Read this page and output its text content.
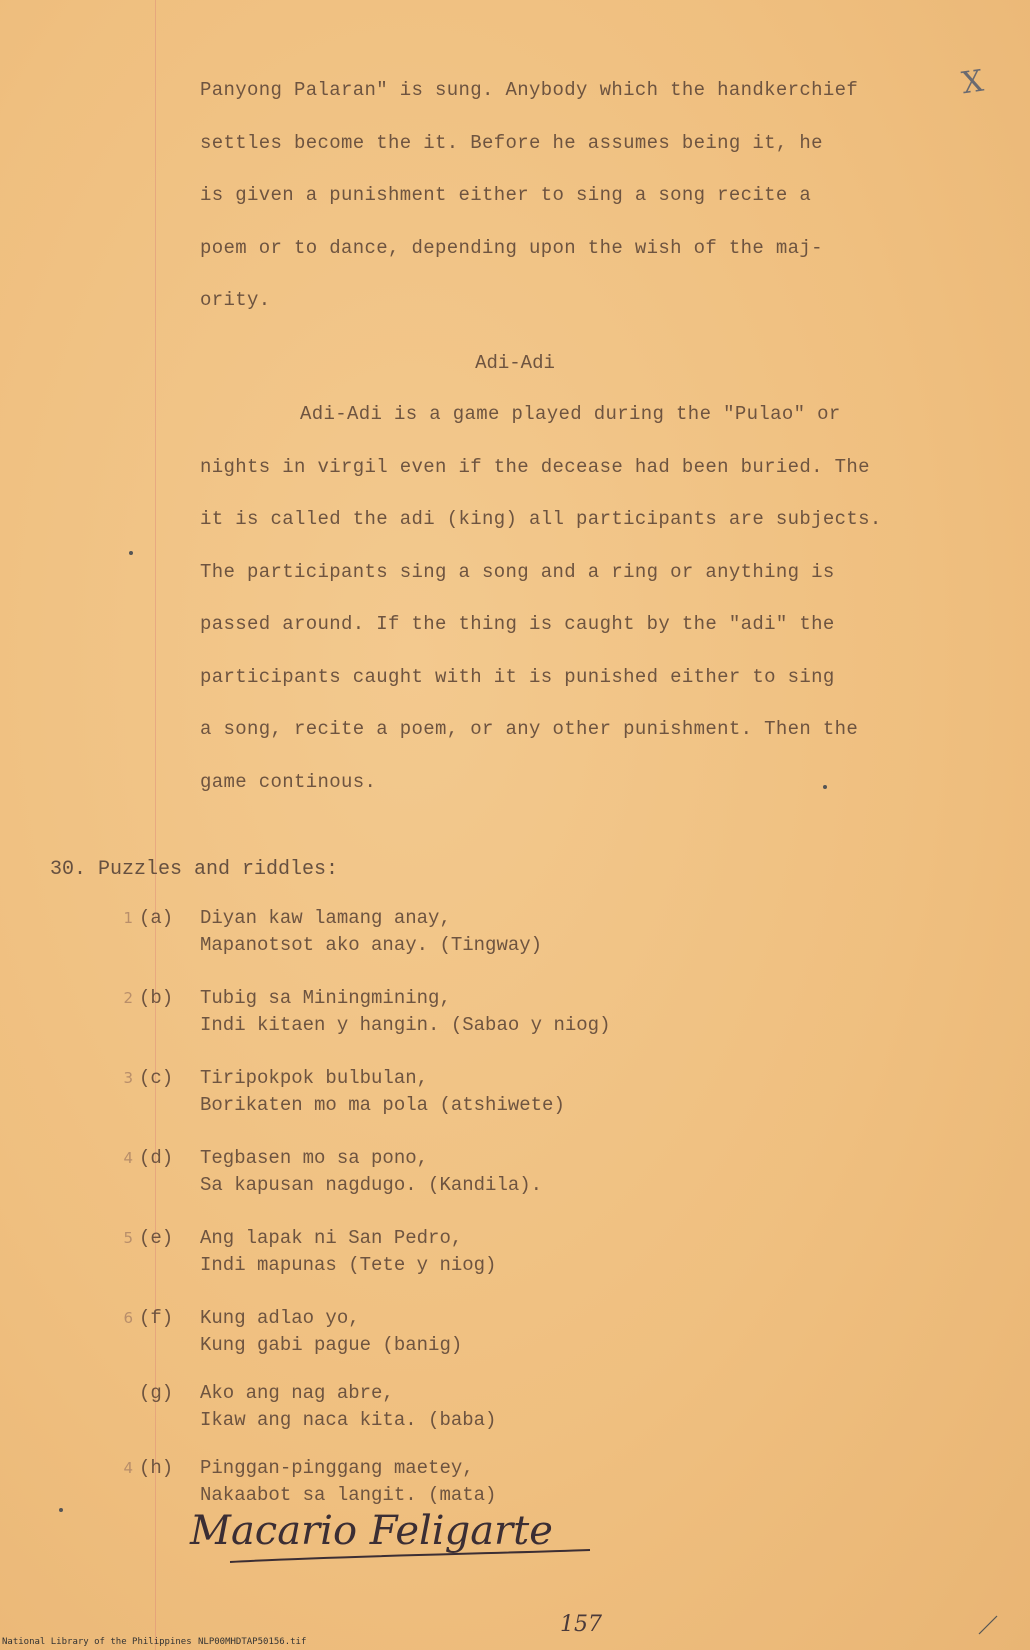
X
Panyong Palaran" is sung. Anybody which the handkerchief
settles become the it. Before he assumes being it, he
is given a punishment either to sing a song recite a
poem or to dance, depending upon the wish of the maj-
ority.
Adi-Adi
Adi-Adi is a game played during the "Pulao" or
nights in virgil even if the decease had been buried. The
it is called the adi (king) all participants are subjects.
The participants sing a song and a ring or anything is
passed around. If the thing is caught by the "adi" the
participants caught with it is punished either to sing
a song, recite a poem, or any other punishment. Then the
game continous.
30. Puzzles and riddles:
1 (a)	Diyan kaw lamang anay,
Mapanotsot ako anay. (Tingway)
2 (b)	Tubig sa Miningmining,
Indi kitaen y hangin. (Sabao y niog)
3 (c)	Tiripokpok bulbulan,
Borikaten mo ma pola (atshiwete)
4 (d)	Tegbasen mo sa pono,
Sa kapusan nagdugo. (Kandila).
5 (e)	Ang lapak ni San Pedro,
Indi mapunas (Tete y niog)
6 (f)	Kung adlao yo,
Kung gabi pague (banig)
(g)	Ako ang nag abre,
Ikaw ang naca kita. (baba)
4 (h)	Pinggan-pinggang maetey,
Nakaabot sa langit. (mata)
Macario Feligarte
157
National Library of the Philippines NLP00MHDTAP50156.tif
